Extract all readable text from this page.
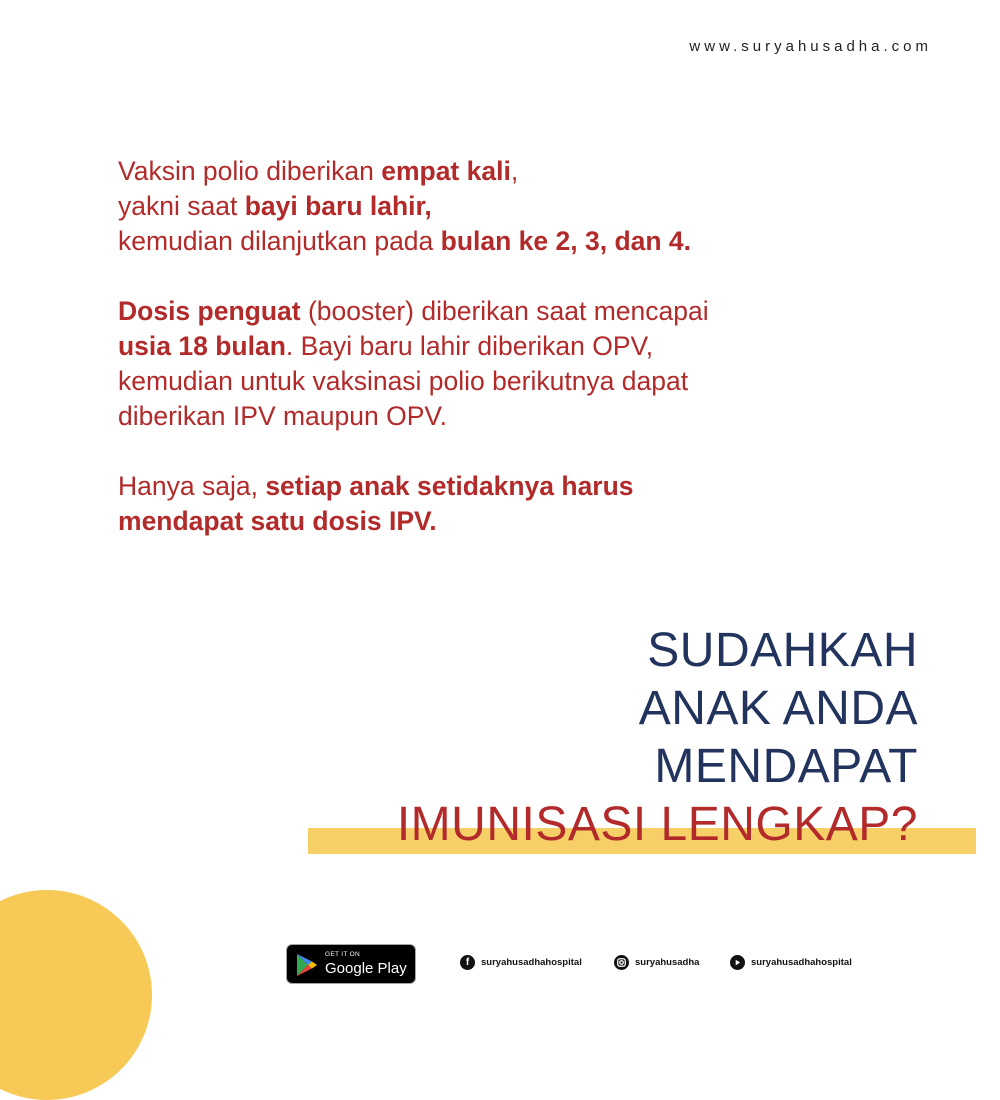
www.suryahusadha.com

Vaksin polio diberikan empat kali,
yakni saat bayi baru lahir,
kemudian dilanjutkan pada bulan ke 2, 3, dan 4.

Dosis penguat (booster) diberikan saat mencapai
usia 18 bulan. Bayi baru lahir diberikan OPV,
kemudian untuk vaksinasi polio berikutnya dapat
diberikan IPV maupun OPV.

Hanya saja, setiap anak setidaknya harus
mendapat satu dosis IPV.

SUDAHKAH
ANAK ANDA
MENDAPAT
IMUNISASI LENGKAP?
GET IT ON
Google Play	f	suryahusadhahospital	suryahusadha	suryahusadhahospital
